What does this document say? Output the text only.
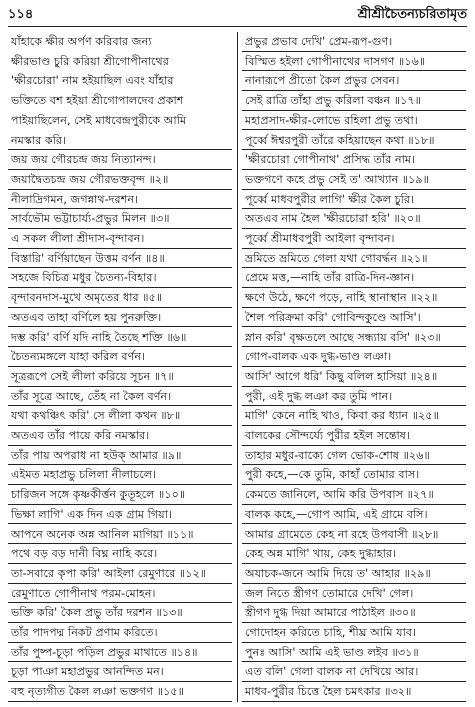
১১৪	শ্রীশ্রীচৈতন্যচরিতামৃত
যাঁহাকে ক্ষীর অর্পণ করিবার জন্য
ক্ষীরভাণ্ড চুরি করিয়া শ্রীগোপীনাথের
'ক্ষীরচোরা' নাম হইয়াছিল এবং যাঁহার
ভক্তিতে বশ হইয়া শ্রীগোপালদেব প্রকাশ
পাইয়াছিলেন, সেই মাধবেন্দ্রপুরীকে আমি
নমস্কার করি।
জয় জয় গৌরচন্দ্র জয় নিত্যানন্দ।
জয়াদ্বৈতচন্দ্র জয় গৌরভক্তবৃন্দ ॥২॥
নীলাদ্রিগমন, জগন্নাথ-দরশন।
সার্বভৌম ভট্টাচার্য্য-প্রভুর মিলন ॥৩॥
এ সকল লীলা শ্রীদাস-বৃন্দাবন।
বিস্তারি' বর্ণিয়াছেন উত্তম বর্ণন ॥৪॥
সহজে বিচিত্র মধুর চৈতন্য-বিহার।
বৃন্দাবনদাস-মুখে অমৃতের ধার ॥৫॥
অতএব তাহা বর্ণিলে হয় পুনরুক্তি।
দম্ভ করি' বর্ণি যদি নাহি তৈছে শক্তি ॥৬॥
চৈতন্যমঙ্গলে যাহা করিল বর্ণন।
সূত্ররূপে সেই লীলা করিয়ে সূচন ॥৭॥
তাঁর সূত্রে আছে, তেঁহ না কৈল বর্ণন।
যথা কথঞ্চিৎ করি' সে লীলা কথন ॥৮॥
অতএব তাঁর পায়ে করি নমস্কার।
তাঁর পায় অপরাধ না হউক্ আমার ॥৯॥
এইমত মহাপ্রভু চলিলা নীলাচলে।
চারিজন সঙ্গে কৃষ্ণকীর্ত্তন কুতূহলে ॥১০॥
ভিক্ষা লাগি' এক দিন এক গ্রাম গিয়া।
আপনে অনেক অন্ন আনিল মাগিয়া ॥১১॥
পথে বড় বড় দানী বিঘ্ন নাহি করে।
তা-সবারে কৃপা করি' আইলা রেমুণারে ॥১২॥
রেমুণাতে গোপীনাথ পরম-মোহন।
ভক্তি করি' কৈল প্রভু তাঁর দরশন ॥১৩॥
তাঁর পাদপদ্ম নিকট প্রণাম করিতে।
তাঁর পুষ্প-চূড়া পড়িল প্রভুর মাথাতে ॥১৪॥
চূড়া পাঞা মহাপ্রভুর আনন্দিত মন।
বহু নৃত্যগীত কৈল লঞা ভক্তগণ ॥১৫॥
প্রভুর প্রভাব দেখি' প্রেম-রূপ-গুণ।
বিস্মিত হইলা গোপীনাথের দাসগণ ॥১৬॥
নানারূপে প্রীতো কৈল প্রভুর সেবন।
সেই রাত্রি তাঁহা প্রভু করিলা বঞ্চন ॥১৭॥
মহাপ্রসাদ-ক্ষীর-লোভে রহিলা প্রভু তথা।
পূর্ব্বে ঈশ্বরপুরী তাঁরে কহিয়াছেন কথা ॥১৮॥
'ক্ষীরচোরা গোপীনাথ' প্রসিদ্ধ তাঁর নাম।
ভক্তগণে কহে প্রভু সেই ত' আখ্যান ॥১৯॥
পূর্ব্বে মাধবপুরীর লাগি' ক্ষীর কৈল চুরি।
অতএব নাম হৈল 'ক্ষীরচোরা হরি' ॥২০॥
পূর্ব্বে শ্রীমাধবপুরী আইলা বৃন্দাবন।
ভ্রমিতে ভ্রমিতে গেলা যথা গোবর্দ্ধন ॥২১॥
প্রেমে মত্ত,—নাহি তাঁর রাত্রি-দিন-জ্ঞান।
ক্ষণে উঠে, ক্ষণে পড়ে, নাহি স্থানাস্থান ॥২২॥
শৈল পরিক্রমা করি' গোবিন্দকুণ্ডে আসি'।
স্নান করি' বৃক্ষতলে আছে সন্ধ্যায় বসি' ॥২৩॥
গোপ-বালক এক দুগ্ধ-ভাণ্ড লঞা।
আসি' আগে ধরি' কিছু বলিল হাসিয়া ॥২৪॥
পুরী, এই দুগ্ধ লঞা কর তুমি পান।
মাগি' কেনে নাহি খাও, কিবা কর ধ্যান ॥২৫॥
বালকের সৌন্দর্য্যে পুরীর হইল সন্তোষ।
তাহার মধুর-বাক্যে গেল ভোক-শোষ ॥২৬॥
পুরী কহে,—কে তুমি, কাহাঁ তোমার বাস।
কেমতে জানিলে, আমি করি উপবাস ॥২৭॥
বালক কহে,—গোপ আমি, এই গ্রামে বসি।
আমার গ্রামেতে কেহ না রহে উপবাসী ॥২৮॥
কেহ অন্ন মাগি' খায়, কেহ দুগ্ধাহার।
অযাচক-জনে আমি দিয়ে ত' আহার ॥২৯॥
জল নিতে স্ত্রীগণ তোমারে দেখি' গেল।
স্ত্রীগণ দুগ্ধ দিয়া আমারে পাঠাইল ॥৩০॥
গোদোহন করিতে চাহি, শীঘ্র আমি যাব।
পুনঃ আসি' আমি এই ভাণ্ড লইব ॥৩১॥
এত বলি' গেলা বালক না দেখিয়ে আর।
মাধব-পুরীর চিত্তে হৈল চমৎকার ॥৩২॥
